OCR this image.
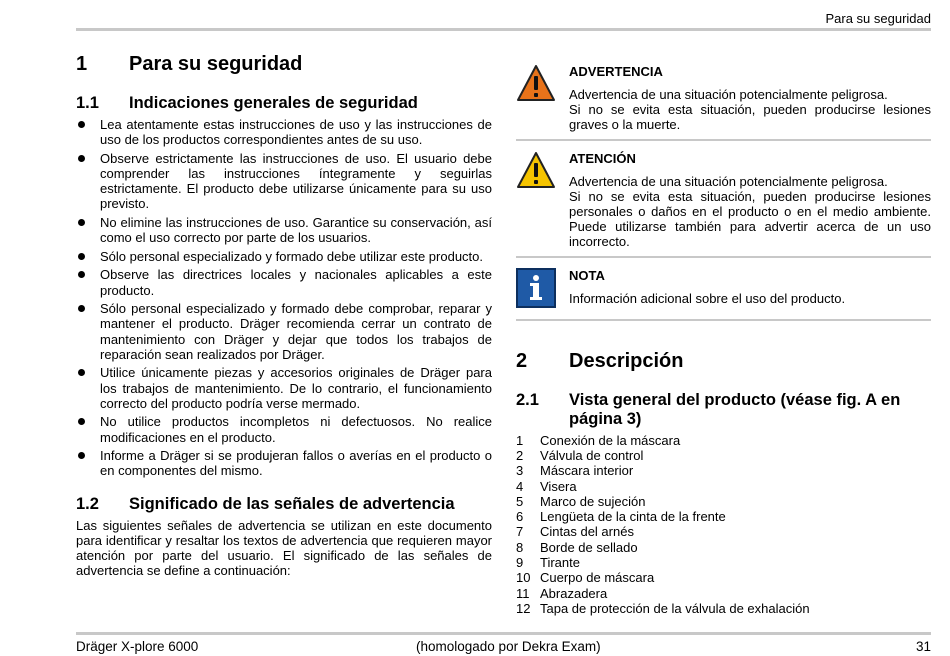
Para su seguridad
1	Para su seguridad
1.1	Indicaciones generales de seguridad
Lea atentamente estas instrucciones de uso y las instrucciones de uso de los productos correspondientes antes de su uso.
Observe estrictamente las instrucciones de uso. El usuario debe comprender las instrucciones íntegramente y seguirlas estrictamente. El producto debe utilizarse únicamente para su uso previsto.
No elimine las instrucciones de uso. Garantice su conservación, así como el uso correcto por parte de los usuarios.
Sólo personal especializado y formado debe utilizar este producto.
Observe las directrices locales y nacionales aplicables a este producto.
Sólo personal especializado y formado debe comprobar, reparar y mantener el producto. Dräger recomienda cerrar un contrato de mantenimiento con Dräger y dejar que todos los trabajos de reparación sean realizados por Dräger.
Utilice únicamente piezas y accesorios originales de Dräger para los trabajos de mantenimiento. De lo contrario, el funcionamiento correcto del producto podría verse mermado.
No utilice productos incompletos ni defectuosos. No realice modificaciones en el producto.
Informe a Dräger si se produjeran fallos o averías en el producto o en componentes del mismo.
1.2	Significado de las señales de advertencia
Las siguientes señales de advertencia se utilizan en este documento para identificar y resaltar los textos de advertencia que requieren mayor atención por parte del usuario. El significado de las señales de advertencia se define a continuación:
ADVERTENCIA
Advertencia de una situación potencialmente peligrosa.
Si no se evita esta situación, pueden producirse lesiones graves o la muerte.
ATENCIÓN
Advertencia de una situación potencialmente peligrosa.
Si no se evita esta situación, pueden producirse lesiones personales o daños en el producto o en el medio ambiente. Puede utilizarse también para advertir acerca de un uso incorrecto.
NOTA
Información adicional sobre el uso del producto.
2	Descripción
2.1	Vista general del producto (véase fig. A en página 3)
1	Conexión de la máscara
2	Válvula de control
3	Máscara interior
4	Visera
5	Marco de sujeción
6	Lengüeta de la cinta de la frente
7	Cintas del arnés
8	Borde de sellado
9	Tirante
10 Cuerpo de máscara
11 Abrazadera
12 Tapa de protección de la válvula de exhalación
Dräger X-plore 6000	(homologado por Dekra Exam)	31
